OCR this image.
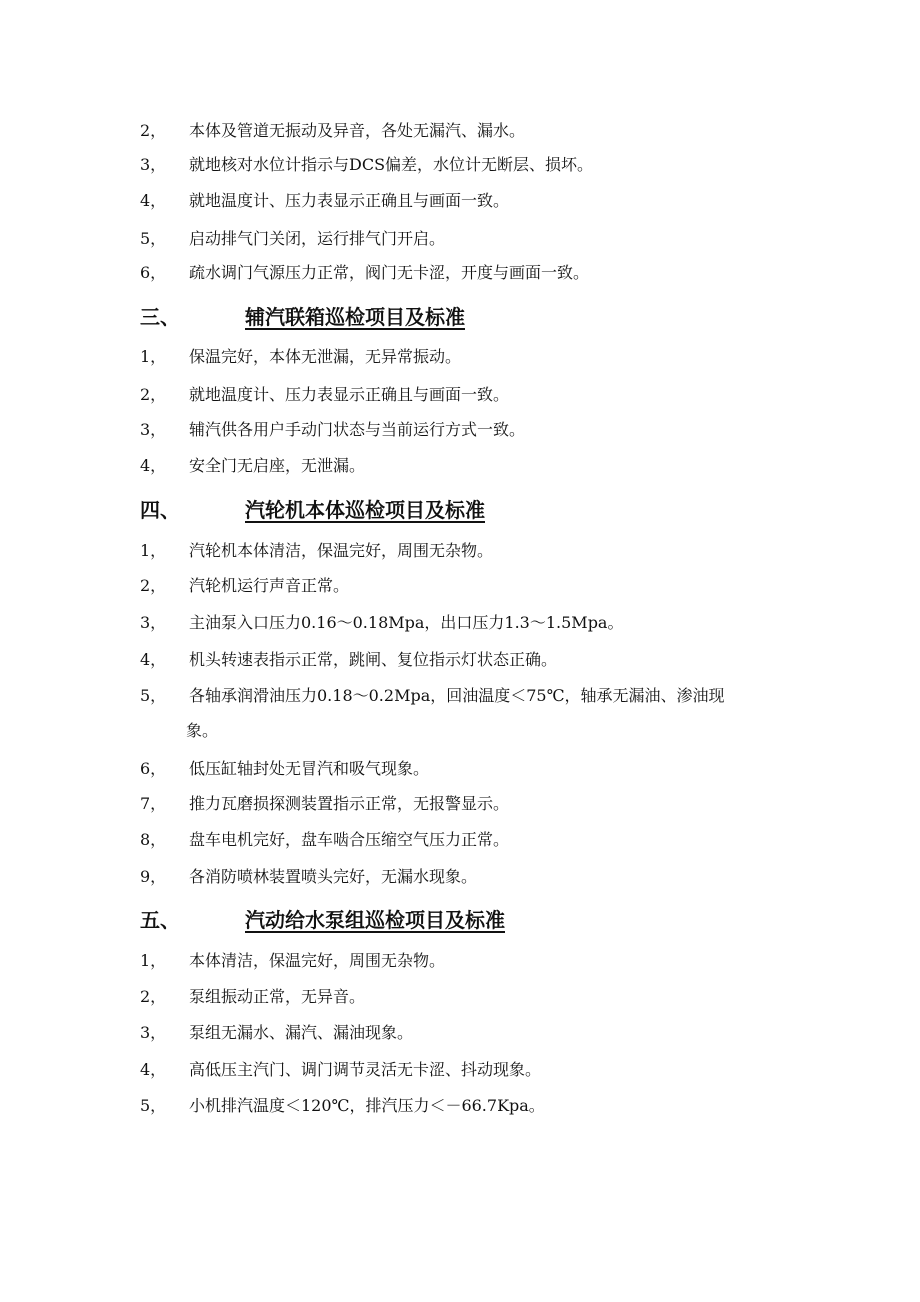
2， 本体及管道无振动及异音，各处无漏汽、漏水。
3， 就地核对水位计指示与DCS偏差，水位计无断层、损坏。
4， 就地温度计、压力表显示正确且与画面一致。
5， 启动排气门关闭，运行排气门开启。
6， 疏水调门气源压力正常，阀门无卡涩，开度与画面一致。
三、	辅汽联箱巡检项目及标准
1， 保温完好，本体无泄漏，无异常振动。
2， 就地温度计、压力表显示正确且与画面一致。
3， 辅汽供各用户手动门状态与当前运行方式一致。
4， 安全门无启座，无泄漏。
四、	汽轮机本体巡检项目及标准
1， 汽轮机本体清洁，保温完好，周围无杂物。
2， 汽轮机运行声音正常。
3， 主油泵入口压力0.16～0.18Mpa，出口压力1.3～1.5Mpa。
4， 机头转速表指示正常，跳闸、复位指示灯状态正确。
5， 各轴承润滑油压力0.18～0.2Mpa，回油温度＜75℃，轴承无漏油、渗油现
象。
6， 低压缸轴封处无冒汽和吸气现象。
7， 推力瓦磨损探测装置指示正常，无报警显示。
8， 盘车电机完好，盘车啮合压缩空气压力正常。
9， 各消防喷林装置喷头完好，无漏水现象。
五、	汽动给水泵组巡检项目及标准
1， 本体清洁，保温完好，周围无杂物。
2， 泵组振动正常，无异音。
3， 泵组无漏水、漏汽、漏油现象。
4， 高低压主汽门、调门调节灵活无卡涩、抖动现象。
5， 小机排汽温度＜120℃，排汽压力＜－66.7Kpa。
